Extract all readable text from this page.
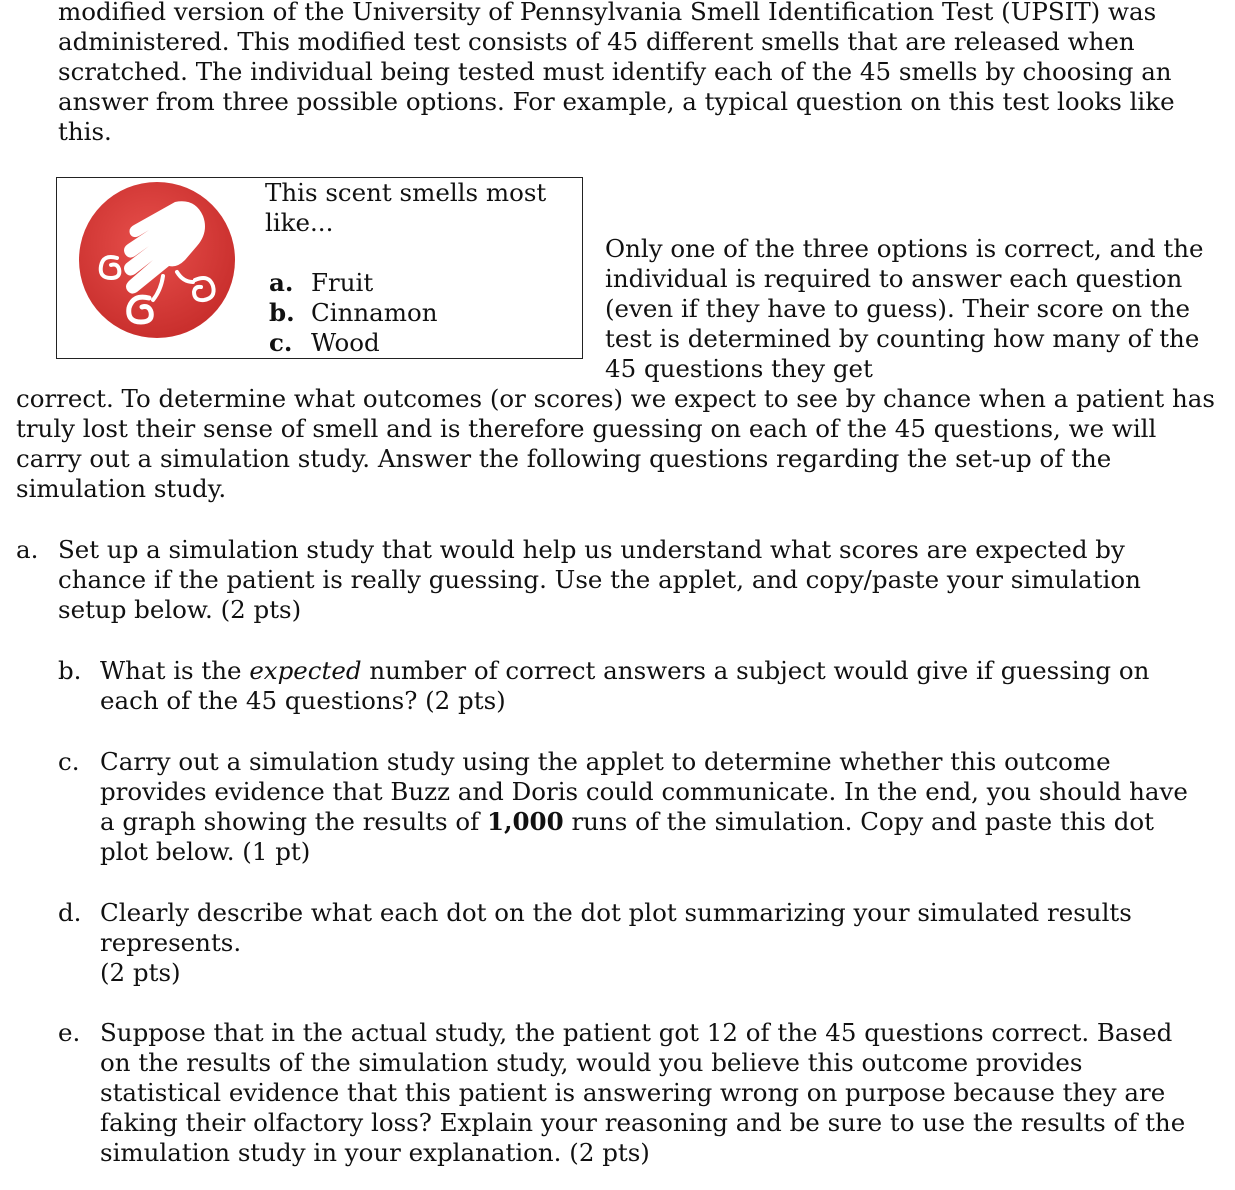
modified version of the University of Pennsylvania Smell Identification Test (UPSIT) was administered. This modified test consists of 45 different smells that are released when scratched. The individual being tested must identify each of the 45 smells by choosing an answer from three possible options. For example, a typical question on this test looks like this.

This scent smells most like...

a. Fruit
b. Cinnamon
c. Wood

Only one of the three options is correct, and the individual is required to answer each question (even if they have to guess). Their score on the test is determined by counting how many of the 45 questions they get

correct. To determine what outcomes (or scores) we expect to see by chance when a patient has truly lost their sense of smell and is therefore guessing on each of the 45 questions, we will carry out a simulation study. Answer the following questions regarding the set-up of the simulation study.

a. Set up a simulation study that would help us understand what scores are expected by chance if the patient is really guessing. Use the applet, and copy/paste your simulation setup below. (2 pts)

b. What is the expected number of correct answers a subject would give if guessing on each of the 45 questions? (2 pts)

c. Carry out a simulation study using the applet to determine whether this outcome provides evidence that Buzz and Doris could communicate. In the end, you should have a graph showing the results of 1,000 runs of the simulation. Copy and paste this dot plot below. (1 pt)

d. Clearly describe what each dot on the dot plot summarizing your simulated results represents.
(2 pts)

e. Suppose that in the actual study, the patient got 12 of the 45 questions correct. Based on the results of the simulation study, would you believe this outcome provides statistical evidence that this patient is answering wrong on purpose because they are faking their olfactory loss? Explain your reasoning and be sure to use the results of the simulation study in your explanation. (2 pts)
